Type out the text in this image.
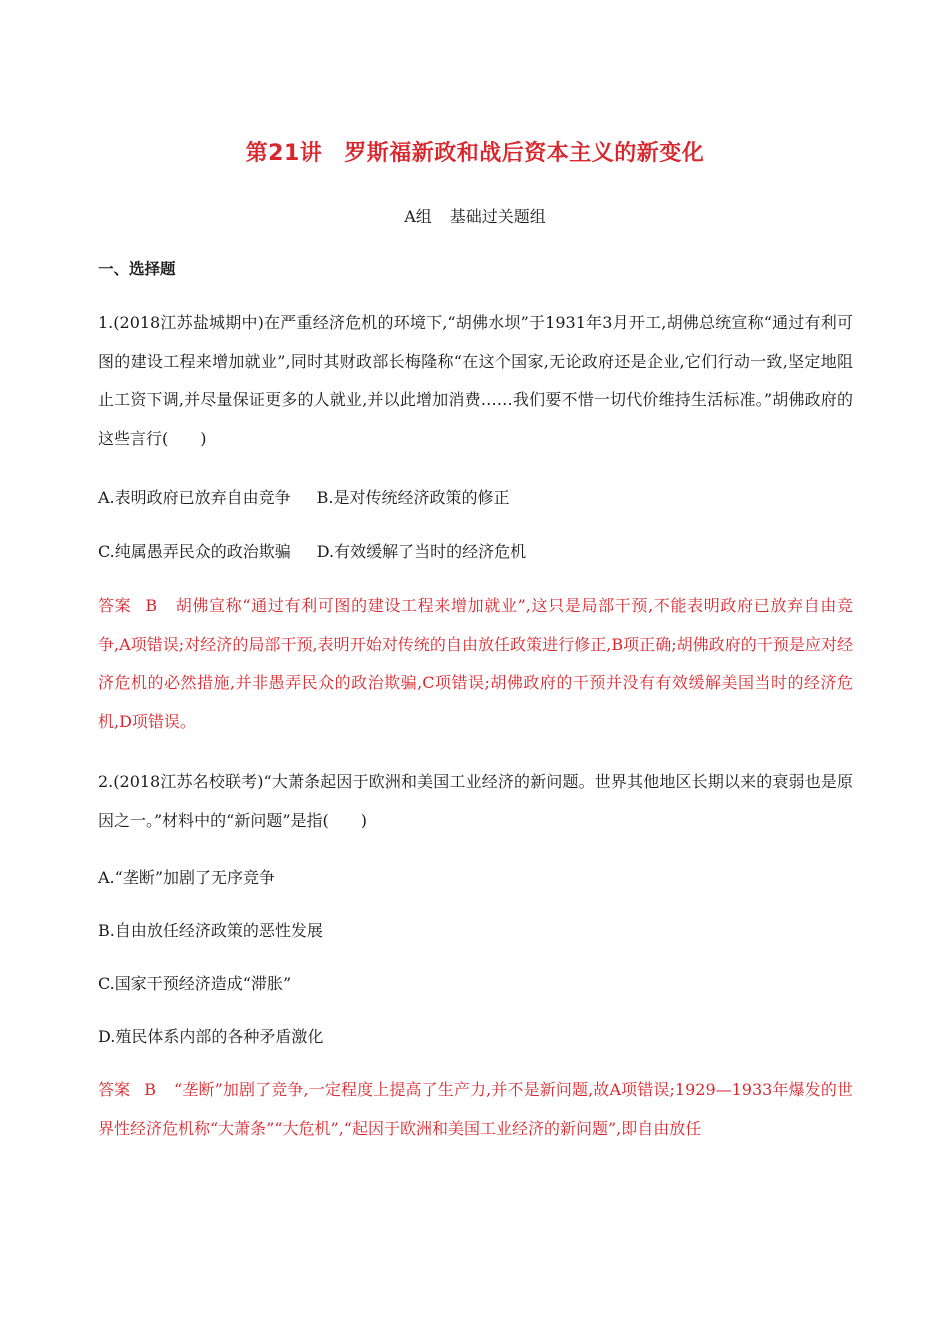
第21讲 罗斯福新政和战后资本主义的新变化
A组 基础过关题组
一、选择题
1.(2018江苏盐城期中)在严重经济危机的环境下,“胡佛水坝”于1931年3月开工,胡佛总统宣称“通过有利可图的建设工程来增加就业”,同时其财政部长梅隆称“在这个国家,无论政府还是企业,它们行动一致,坚定地阻止工资下调,并尽量保证更多的人就业,并以此增加消费……我们要不惜一切代价维持生活标准。”胡佛政府的这些言行(　　)
A.表明政府已放弃自由竞争 B.是对传统经济政策的修正
C.纯属愚弄民众的政治欺骗 D.有效缓解了当时的经济危机
答案 B 胡佛宣称“通过有利可图的建设工程来增加就业”,这只是局部干预,不能表明政府已放弃自由竞争,A项错误;对经济的局部干预,表明开始对传统的自由放任政策进行修正,B项正确;胡佛政府的干预是应对经济危机的必然措施,并非愚弄民众的政治欺骗,C项错误;胡佛政府的干预并没有有效缓解美国当时的经济危机,D项错误。
2.(2018江苏名校联考)“大萧条起因于欧洲和美国工业经济的新问题。世界其他地区长期以来的衰弱也是原因之一。”材料中的“新问题”是指(　　)
A.“垄断”加剧了无序竞争
B.自由放任经济政策的恶性发展
C.国家干预经济造成“滞胀”
D.殖民体系内部的各种矛盾激化
答案 B “垄断”加剧了竞争,一定程度上提高了生产力,并不是新问题,故A项错误;1929—1933年爆发的世界性经济危机称“大萧条”“大危机”,“起因于欧洲和美国工业经济的新问题”,即自由放任
